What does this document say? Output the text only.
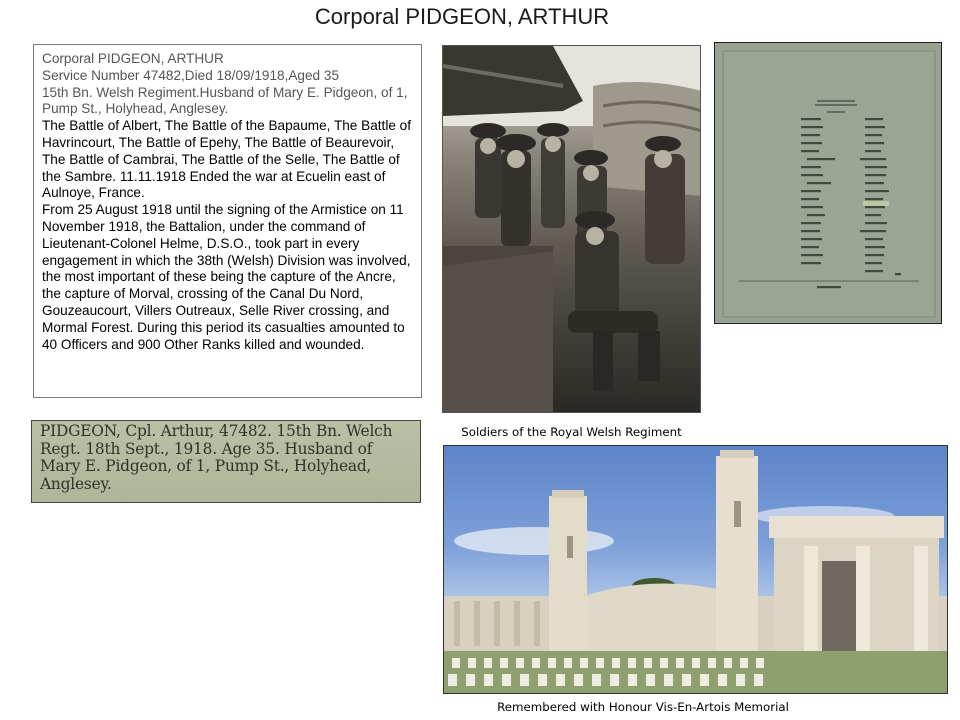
Corporal PIDGEON, ARTHUR

Corporal PIDGEON, ARTHUR

Service Number 47482,Died 18/09/1918,Aged 35

15th Bn. Welsh Regiment.Husband of Mary E. Pidgeon, of 1, Pump St., Holyhead, Anglesey.

The Battle of Albert, The Battle of the Bapaume, The Battle of Havrincourt, The Battle of Epehy, The Battle of Beaurevoir, The Battle of Cambrai, The Battle of the Selle, The Battle of the Sambre. 11.11.1918 Ended the war at Ecuelin east of Aulnoye, France.

From 25 August 1918 until the signing of the Armistice on 11 November 1918, the Battalion, under the command of Lieutenant-Colonel Helme, D.S.O., took part in every engagement in which the 38th (Welsh) Division was involved, the most important of these being the capture of the Ancre, the capture of Morval, crossing of the Canal Du Nord, Gouzeaucourt, Villers Outreaux, Selle River crossing, and Mormal Forest. During this period its casualties amounted to 40 Officers and 900 Other Ranks killed and wounded.

PIDGEON, Cpl. Arthur, 47482. 15th Bn. Welch Regt. 18th Sept., 1918. Age 35. Husband of Mary E. Pidgeon, of 1, Pump St., Holyhead, Anglesey.
Soldiers of the Royal Welsh Regiment
Remembered with Honour Vis-En-Artois Memorial
